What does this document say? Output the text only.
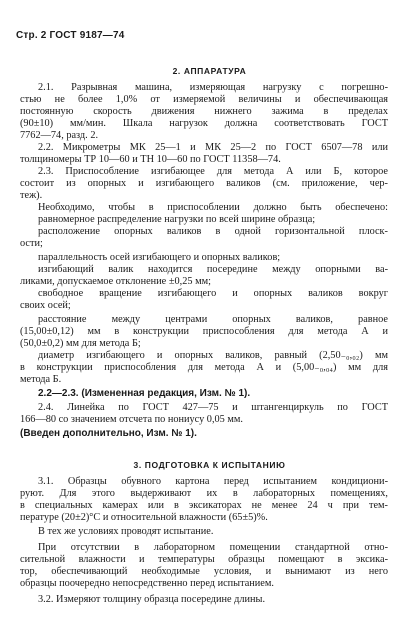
Стр. 2 ГОСТ 9187—74
2. АППАРАТУРА
2.1. Разрывная машина, измеряющая нагрузку с погрешно-
стью не более 1,0% от измеряемой величины и обеспечивающая
постоянную скорость движения нижнего зажима в пределах
(90±10) мм/мин. Шкала нагрузок должна соответствовать ГОСТ
7762—74, разд. 2.
2.2. Микрометры МК 25—1 и МК 25—2 по ГОСТ 6507—78 или
толщиномеры ТР 10—60 и ТН 10—60 по ГОСТ 11358—74.
2.3. Приспособление изгибающее для метода А или Б, которое
состоит из опорных и изгибающего валиков (см. приложение, чер-
теж).
Необходимо, чтобы в приспособлении должно быть обеспечено:
равномерное распределение нагрузки по всей ширине образца;
расположение опорных валиков в одной горизонтальной плоск-
ости;
параллельность осей изгибающего и опорных валиков;
изгибающий валик находится посередине между опорными ва-
ликами, допускаемое отклонение ±0,25 мм;
свободное вращение изгибающего и опорных валиков вокруг
своих осей;
расстояние между центрами опорных валиков, равное
(15,00±0,12) мм в конструкции приспособления для метода А и
(50,0±0,2) мм для метода Б;
диаметр изгибающего и опорных валиков, равный (2,50₋₀,₀₂) мм
в конструкции приспособления для метода А и (5,00₋₀,₀₄) мм для
метода Б.
2.2—2.3. (Измененная редакция, Изм. № 1).
2.4. Линейка по ГОСТ 427—75 и штангенциркуль по ГОСТ
166—80 со значением отсчета по нониусу 0,05 мм.
(Введен дополнительно, Изм. № 1).
3. ПОДГОТОВКА К ИСПЫТАНИЮ
3.1. Образцы обувного картона перед испытанием кондициони-
руют. Для этого выдерживают их в лабораторных помещениях,
в специальных камерах или в эксикаторах не менее 24 ч при тем-
пературе (20±2)°С и относительной влажности (65±5)%.
В тех же условиях проводят испытание.
При отсутствии в лабораторном помещении стандартной отно-
сительной влажности и температуры образцы помещают в эксика-
тор, обеспечивающий необходимые условия, и вынимают из него
образцы поочередно непосредственно перед испытанием.
3.2. Измеряют толщину образца посередине длины.
